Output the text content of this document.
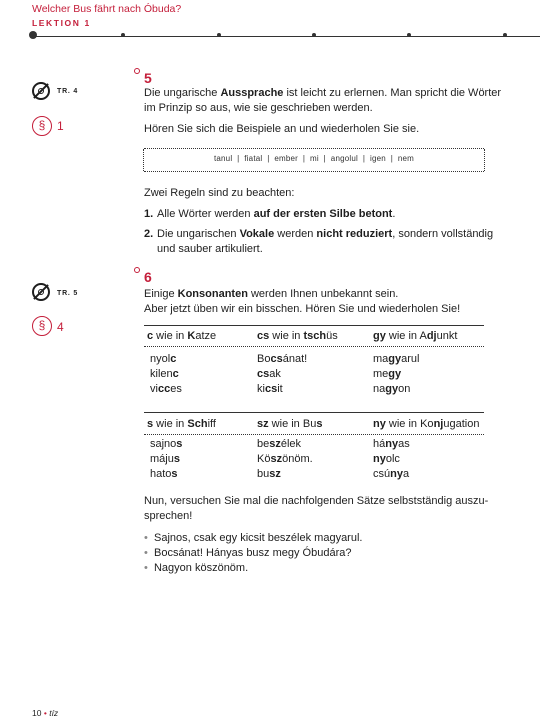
Welcher Bus fährt nach Óbuda?
LEKTION 1
TR. 4
§ 1
5
Die ungarische Aussprache ist leicht zu erlernen. Man spricht die Wörter
im Prinzip so aus, wie sie geschrieben werden.
Hören Sie sich die Beispiele an und wiederholen Sie sie.
tanul  |  fiatal  |  ember  |  mi  |  angolul  |  igen  |  nem
Zwei Regeln sind zu beachten:
1. Alle Wörter werden auf der ersten Silbe betont.
2. Die ungarischen Vokale werden nicht reduziert, sondern vollständig
und sauber artikuliert.
TR. 5
§ 4
6
Einige Konsonanten werden Ihnen unbekannt sein.
Aber jetzt üben wir ein bisschen. Hören Sie und wiederholen Sie!
c wie in Katze	cs wie in tschüs	gy wie in Adjunkt
nyolc	Bocsánat!	magyarul
kilenc	csak	megy
vicces	kicsit	nagyon
s wie in Schiff	sz wie in Bus	ny wie in Konjugation
sajnos	beszélek	hányas
május	Köszönöm.	nyolc
hatos	busz	csúnya
Nun, versuchen Sie mal die nachfolgenden Sätze selbstständig auszu-
sprechen!
• Sajnos, csak egy kicsit beszélek magyarul.
• Bocsánat! Hányas busz megy Óbudára?
• Nagyon köszönöm.
10 • tíz
